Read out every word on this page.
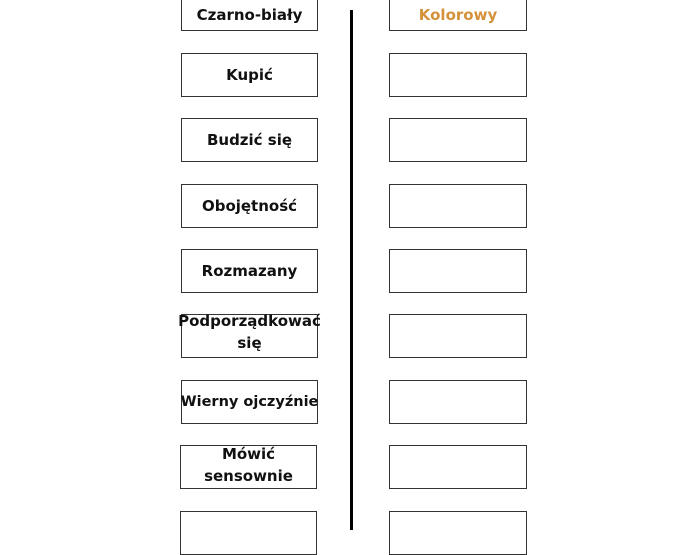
Czarno-biały
Kupić
Budzić się
Obojętność
Rozmazany
Podporządkować się
Wierny ojczyźnie
Mówić sensownie
Kolorowy
